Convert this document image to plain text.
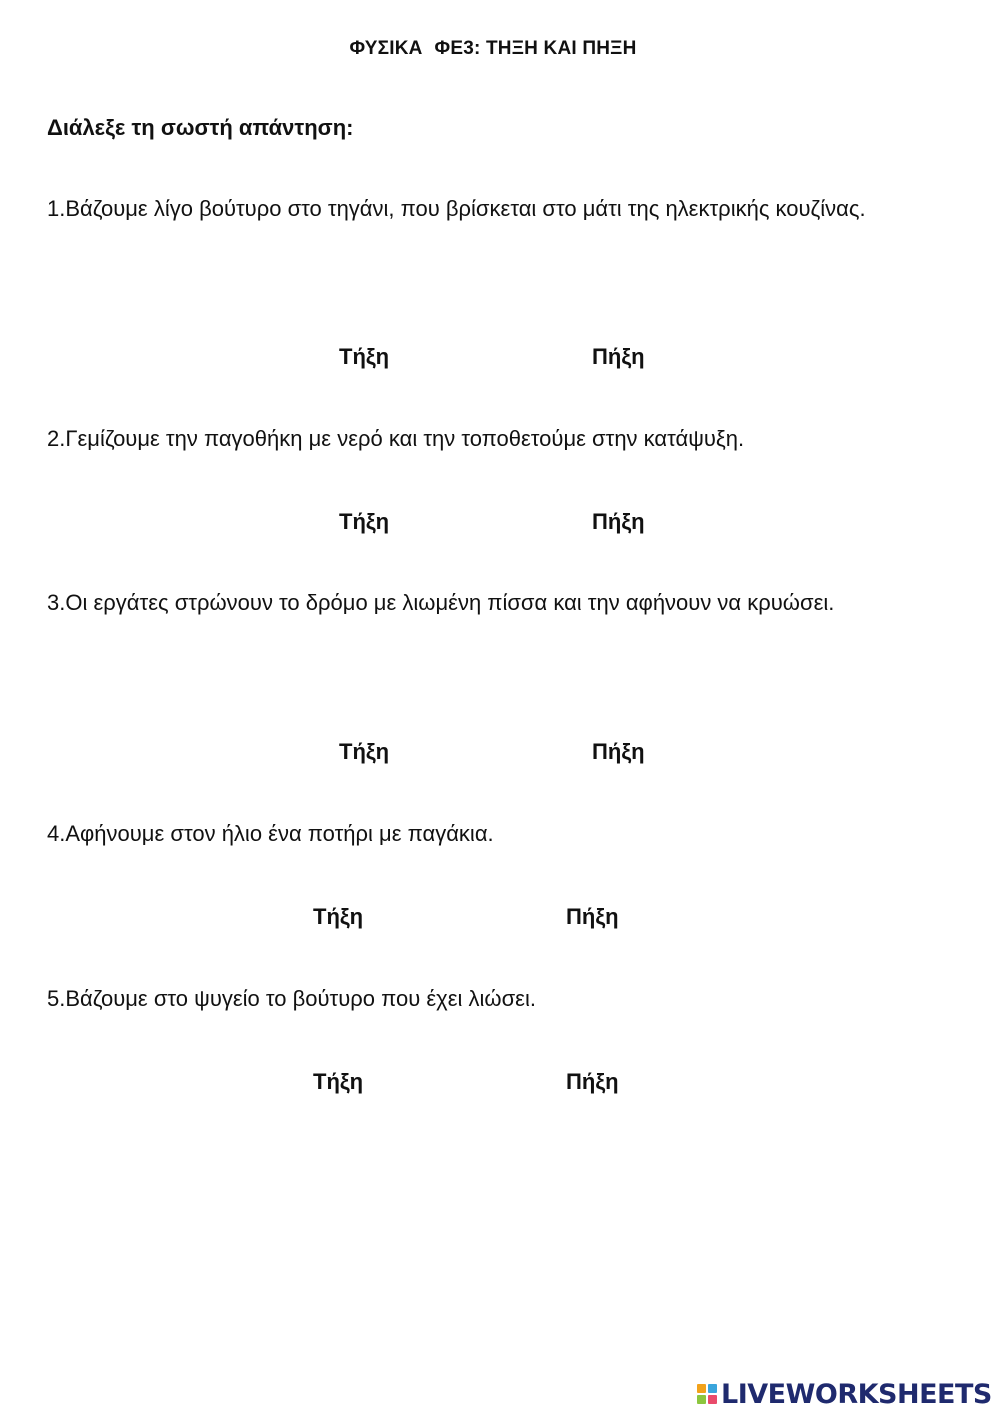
ΦΥΣΙΚΑ ΦΕ3: ΤΗΞΗ ΚΑΙ ΠΗΞΗ
Διάλεξε τη σωστή απάντηση:
1.Βάζουμε λίγο βούτυρο στο τηγάνι, που βρίσκεται στο μάτι της ηλεκτρικής κουζίνας.
Τήξη	Πήξη
2.Γεμίζουμε την παγοθήκη με νερό και την τοποθετούμε στην κατάψυξη.
Τήξη	Πήξη
3.Οι εργάτες στρώνουν το δρόμο με λιωμένη πίσσα και την αφήνουν να κρυώσει.
Τήξη	Πήξη
4.Αφήνουμε στον ήλιο ένα ποτήρι με παγάκια.
Τήξη	Πήξη
5.Βάζουμε στο ψυγείο το βούτυρο που έχει λιώσει.
Τήξη	Πήξη
LIVEWORKSHEETS
